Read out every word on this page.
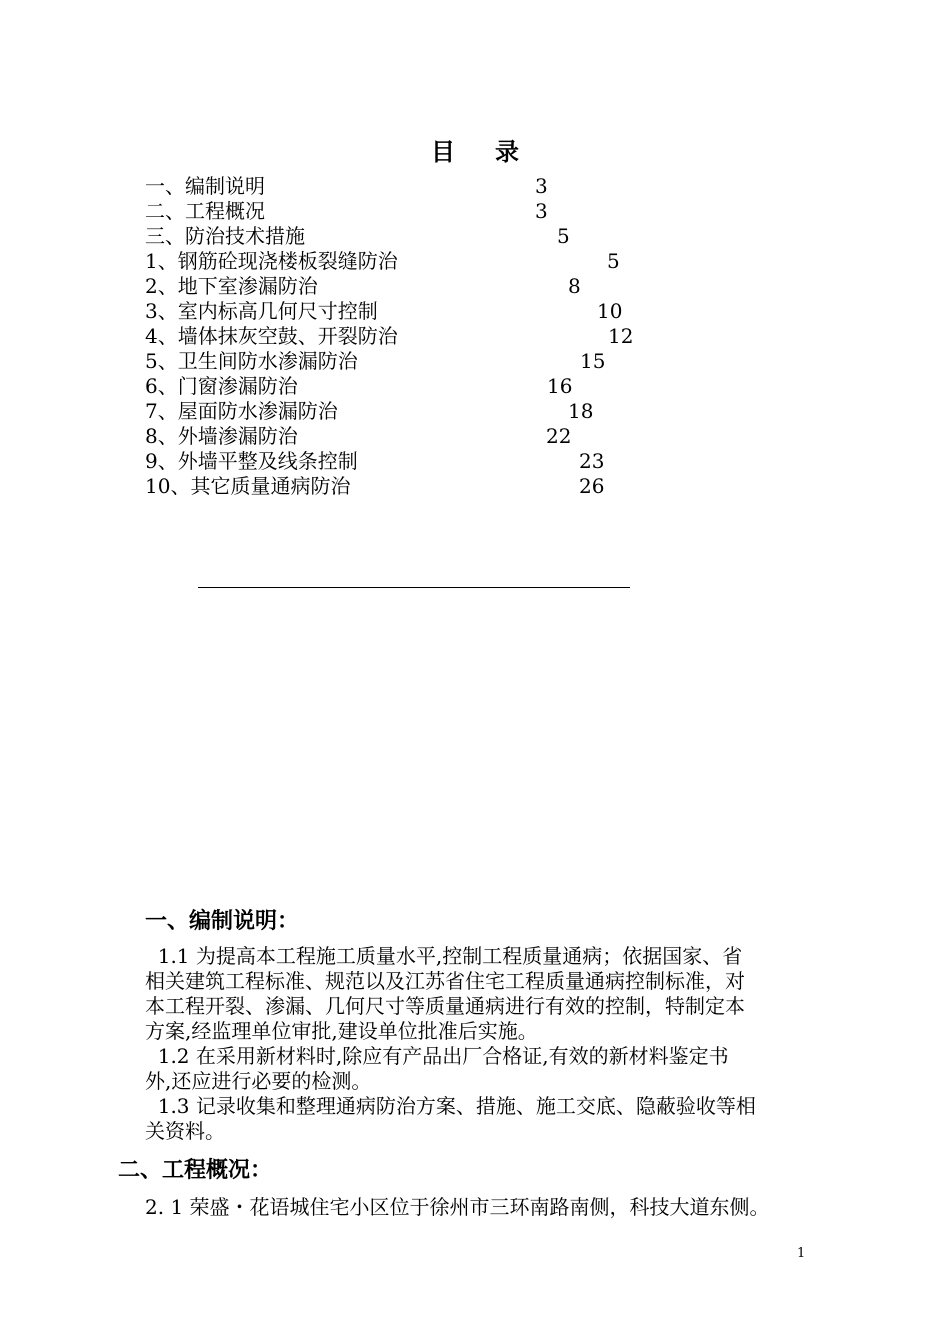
目 录
一、编制说明	3
二、工程概况	3
三、防治技术措施	5
1、钢筋砼现浇楼板裂缝防治	5
2、地下室渗漏防治	8
3、室内标高几何尺寸控制	10
4、墙体抹灰空鼓、开裂防治	12
5、卫生间防水渗漏防治	15
6、门窗渗漏防治	16
7、屋面防水渗漏防治	18
8、外墙渗漏防治	22
9、外墙平整及线条控制	23
10、其它质量通病防治	26
一、编制说明：
1.1 为提高本工程施工质量水平,控制工程质量通病；依据国家、省
相关建筑工程标准、规范以及江苏省住宅工程质量通病控制标准，对
本工程开裂、渗漏、几何尺寸等质量通病进行有效的控制，特制定本
方案,经监理单位审批,建设单位批准后实施。
1.2 在采用新材料时,除应有产品出厂合格证,有效的新材料鉴定书
外,还应进行必要的检测。
1.3 记录收集和整理通病防治方案、措施、施工交底、隐蔽验收等相
关资料。
二、工程概况：
2. 1 荣盛・花语城住宅小区位于徐州市三环南路南侧，科技大道东侧。
1
